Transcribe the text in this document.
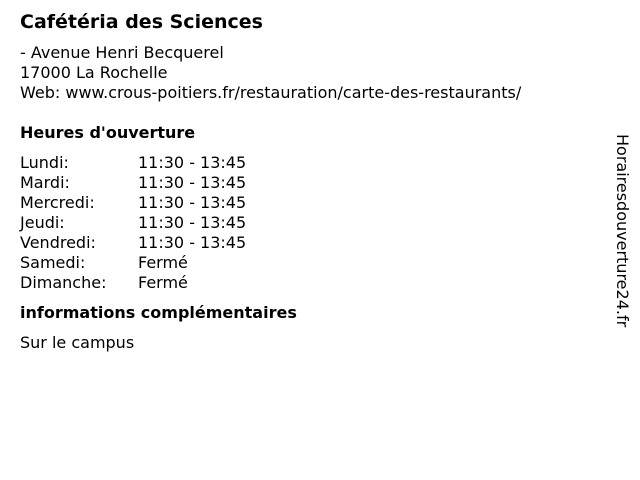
Cafétéria des Sciences
- Avenue Henri Becquerel
17000 La Rochelle
Web: www.crous-poitiers.fr/restauration/carte-des-restaurants/
Heures d'ouverture
Lundi:	11:30 - 13:45
Mardi:	11:30 - 13:45
Mercredi:	11:30 - 13:45
Jeudi:	11:30 - 13:45
Vendredi:	11:30 - 13:45
Samedi:	Fermé
Dimanche:	Fermé
informations complémentaires
Sur le campus
Horairesdouverture24.fr
